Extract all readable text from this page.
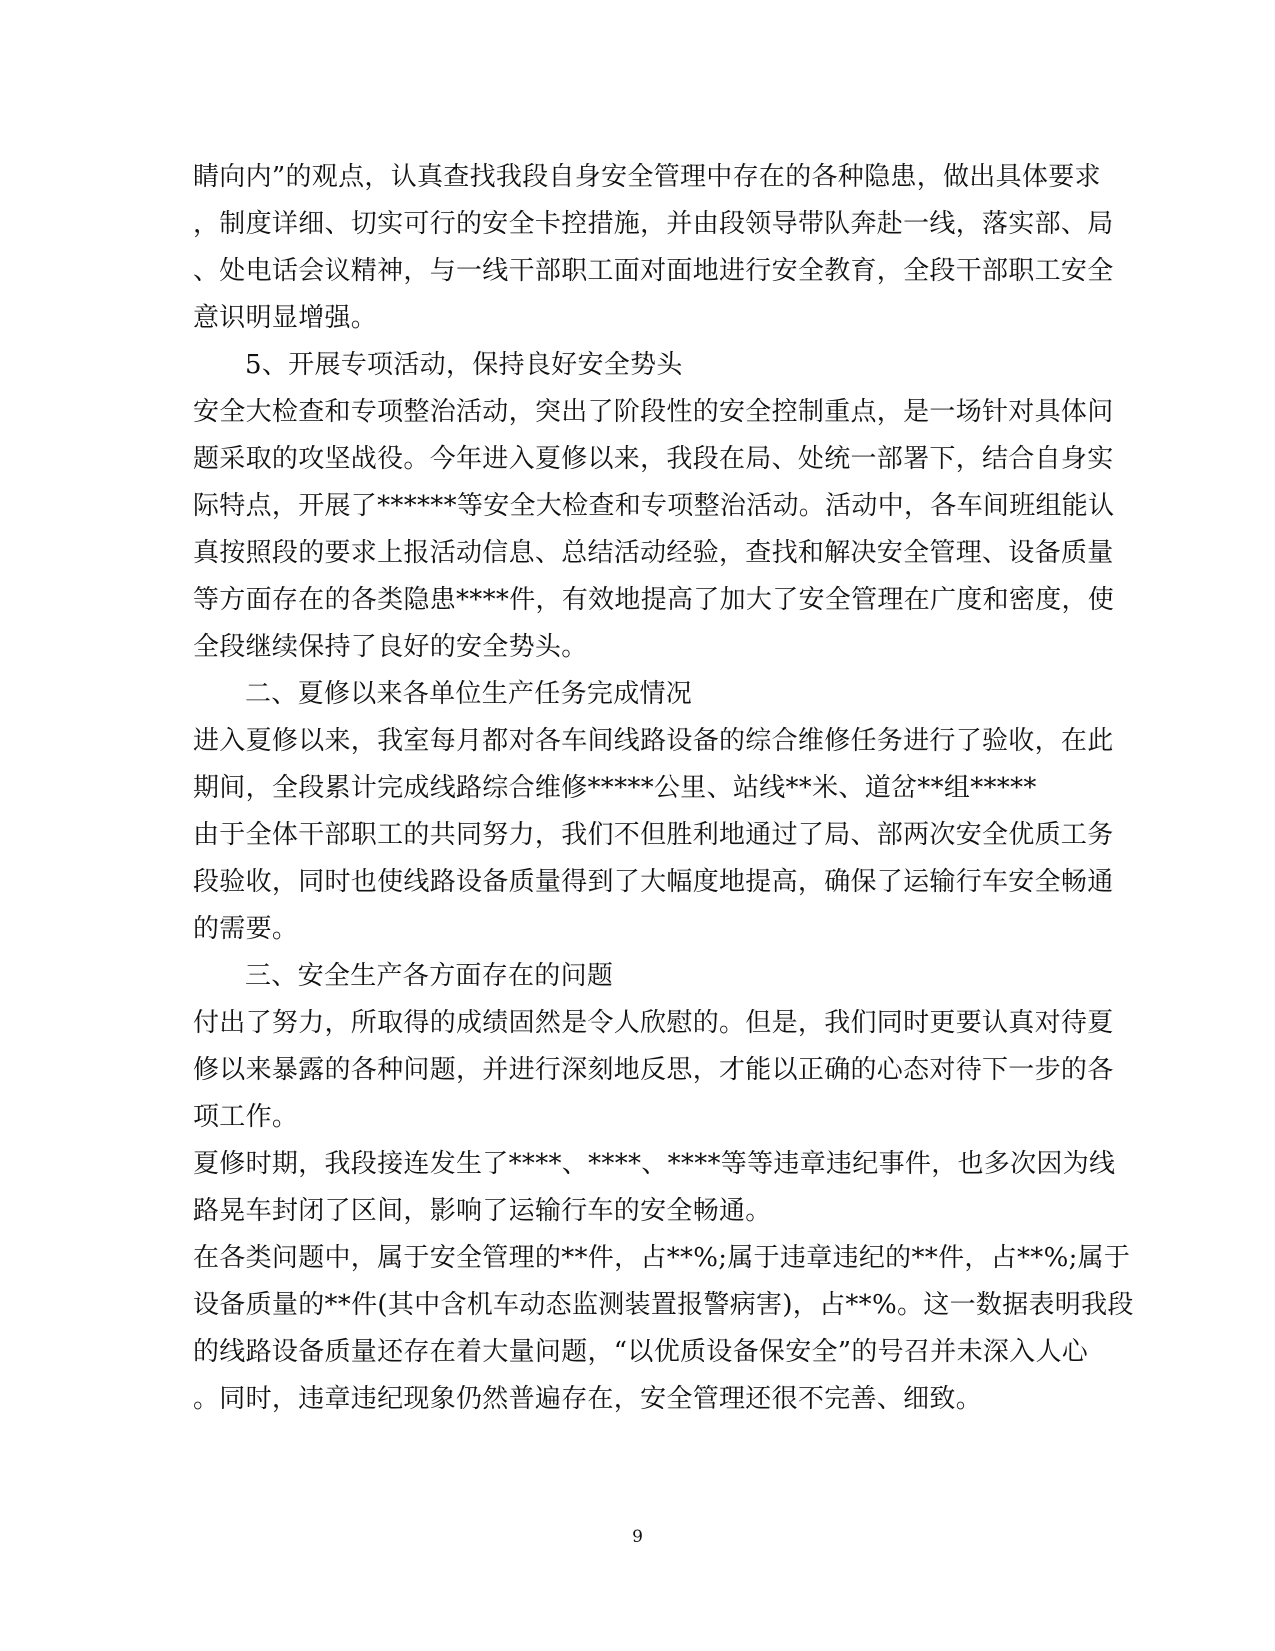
睛向内”的观点，认真查找我段自身安全管理中存在的各种隐患，做出具体要求
，制度详细、切实可行的安全卡控措施，并由段领导带队奔赴一线，落实部、局
、处电话会议精神，与一线干部职工面对面地进行安全教育，全段干部职工安全
意识明显增强。
5、开展专项活动，保持良好安全势头
安全大检查和专项整治活动，突出了阶段性的安全控制重点，是一场针对具体问
题采取的攻坚战役。今年进入夏修以来，我段在局、处统一部署下，结合自身实
际特点，开展了******等安全大检查和专项整治活动。活动中，各车间班组能认
真按照段的要求上报活动信息、总结活动经验，查找和解决安全管理、设备质量
等方面存在的各类隐患****件，有效地提高了加大了安全管理在广度和密度，使
全段继续保持了良好的安全势头。
二、夏修以来各单位生产任务完成情况
进入夏修以来，我室每月都对各车间线路设备的综合维修任务进行了验收，在此
期间，全段累计完成线路综合维修*****公里、站线**米、道岔**组*****
由于全体干部职工的共同努力，我们不但胜利地通过了局、部两次安全优质工务
段验收，同时也使线路设备质量得到了大幅度地提高，确保了运输行车安全畅通
的需要。
三、安全生产各方面存在的问题
付出了努力，所取得的成绩固然是令人欣慰的。但是，我们同时更要认真对待夏
修以来暴露的各种问题，并进行深刻地反思，才能以正确的心态对待下一步的各
项工作。
夏修时期，我段接连发生了****、****、****等等违章违纪事件，也多次因为线
路晃车封闭了区间，影响了运输行车的安全畅通。
在各类问题中，属于安全管理的**件，占**%;属于违章违纪的**件，占**%;属于
设备质量的**件(其中含机车动态监测装置报警病害)，占**%。这一数据表明我段
的线路设备质量还存在着大量问题，“以优质设备保安全”的号召并未深入人心
。同时，违章违纪现象仍然普遍存在，安全管理还很不完善、细致。
9
